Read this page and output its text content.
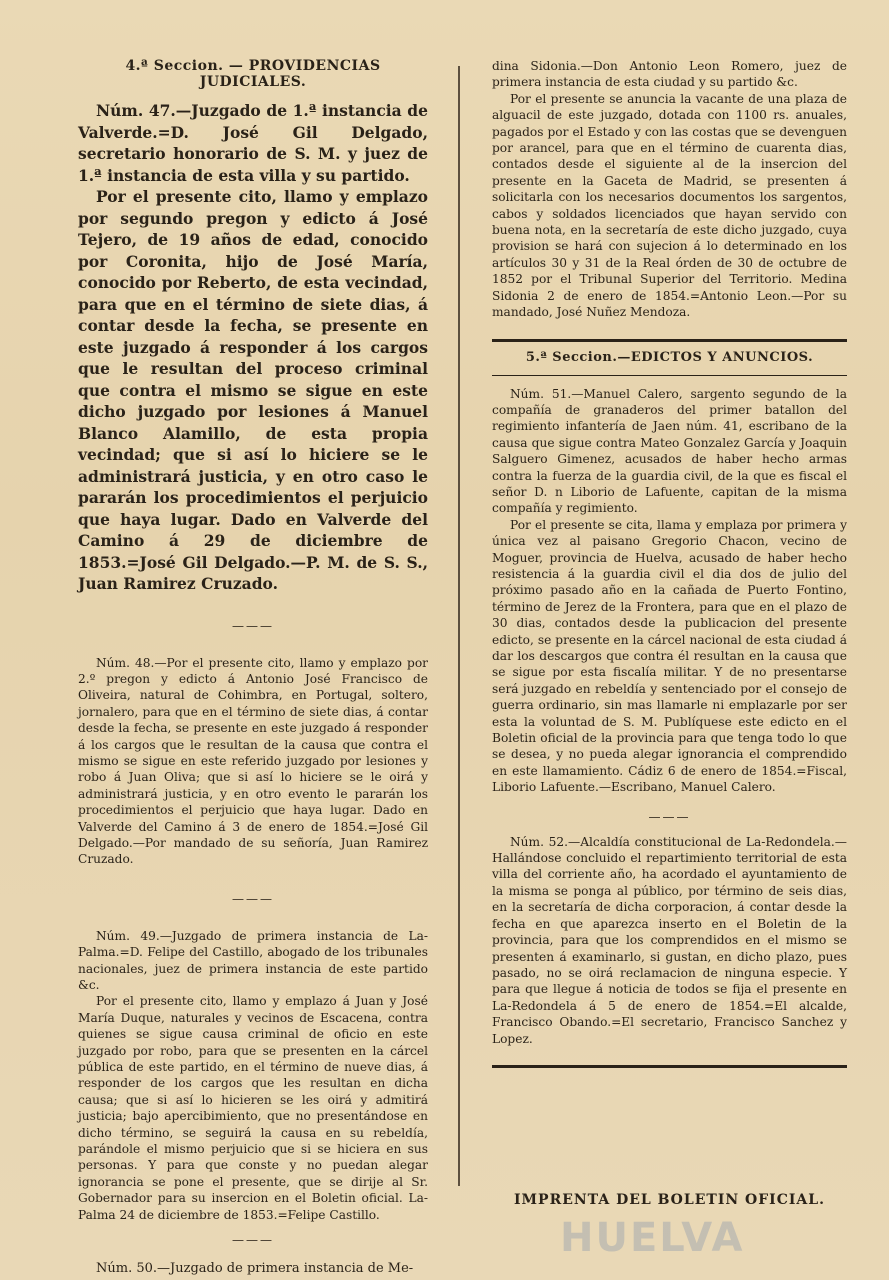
4.ª Seccion. — PROVIDENCIAS JUDICIALES.

Núm. 47.—Juzgado de 1.ª instancia de Valverde.=D. José Gil Delgado, secretario honorario de S. M. y juez de 1.ª instancia de esta villa y su partido.

Por el presente cito, llamo y emplazo por segundo pregon y edicto á José Tejero, de 19 años de edad, conocido por Coronita, hijo de José María, conocido por Reberto, de esta vecindad, para que en el término de siete dias, á contar desde la fecha, se presente en este juzgado á responder á los cargos que le resultan del proceso criminal que contra el mismo se sigue en este dicho juzgado por lesiones á Manuel Blanco Alamillo, de esta propia vecindad; que si así lo hiciere se le administrará justicia, y en otro caso le pararán los procedimientos el perjuicio que haya lugar. Dado en Valverde del Camino á 29 de diciembre de 1853.=José Gil Delgado.—P. M. de S. S., Juan Ramirez Cruzado.

———

Núm. 48.—Por el presente cito, llamo y emplazo por 2.º pregon y edicto á Antonio José Francisco de Oliveira, natural de Cohimbra, en Portugal, soltero, jornalero, para que en el término de siete dias, á contar desde la fecha, se presente en este juzgado á responder á los cargos que le resultan de la causa que contra el mismo se sigue en este referido juzgado por lesiones y robo á Juan Oliva; que si así lo hiciere se le oirá y administrará justicia, y en otro evento le pararán los procedimientos el perjuicio que haya lugar. Dado en Valverde del Camino á 3 de enero de 1854.=José Gil Delgado.—Por mandado de su señoría, Juan Ramirez Cruzado.

———

Núm. 49.—Juzgado de primera instancia de La-Palma.=D. Felipe del Castillo, abogado de los tribunales nacionales, juez de primera instancia de este partido &c.

Por el presente cito, llamo y emplazo á Juan y José María Duque, naturales y vecinos de Escacena, contra quienes se sigue causa criminal de oficio en este juzgado por robo, para que se presenten en la cárcel pública de este partido, en el término de nueve dias, á responder de los cargos que les resultan en dicha causa; que si así lo hicieren se les oirá y admitirá justicia; bajo apercibimiento, que no presentándose en dicho término, se seguirá la causa en su rebeldía, parándole el mismo perjuicio que si se hiciera en sus personas. Y para que conste y no puedan alegar ignorancia se pone el presente, que se dirije al Sr. Gobernador para su insercion en el Boletin oficial. La-Palma 24 de diciembre de 1853.=Felipe Castillo.

———

Núm. 50.—Juzgado de primera instancia de Me-

dina Sidonia.—Don Antonio Leon Romero, juez de primera instancia de esta ciudad y su partido &c.

Por el presente se anuncia la vacante de una plaza de alguacil de este juzgado, dotada con 1100 rs. anuales, pagados por el Estado y con las costas que se devenguen por arancel, para que en el término de cuarenta dias, contados desde el siguiente al de la insercion del presente en la Gaceta de Madrid, se presenten á solicitarla con los necesarios documentos los sargentos, cabos y soldados licenciados que hayan servido con buena nota, en la secretaría de este dicho juzgado, cuya provision se hará con sujecion á lo determinado en los artículos 30 y 31 de la Real órden de 30 de octubre de 1852 por el Tribunal Superior del Territorio. Medina Sidonia 2 de enero de 1854.=Antonio Leon.—Por su mandado, José Nuñez Mendoza.

5.ª Seccion.—EDICTOS Y ANUNCIOS.

Núm. 51.—Manuel Calero, sargento segundo de la compañía de granaderos del primer batallon del regimiento infantería de Jaen núm. 41, escribano de la causa que sigue contra Mateo Gonzalez García y Joaquin Salguero Gimenez, acusados de haber hecho armas contra la fuerza de la guardia civil, de la que es fiscal el señor D. n Liborio de Lafuente, capitan de la misma compañía y regimiento.

Por el presente se cita, llama y emplaza por primera y única vez al paisano Gregorio Chacon, vecino de Moguer, provincia de Huelva, acusado de haber hecho resistencia á la guardia civil el dia dos de julio del próximo pasado año en la cañada de Puerto Fontino, término de Jerez de la Frontera, para que en el plazo de 30 dias, contados desde la publicacion del presente edicto, se presente en la cárcel nacional de esta ciudad á dar los descargos que contra él resultan en la causa que se sigue por esta fiscalía militar. Y de no presentarse será juzgado en rebeldía y sentenciado por el consejo de guerra ordinario, sin mas llamarle ni emplazarle por ser esta la voluntad de S. M. Publíquese este edicto en el Boletin oficial de la provincia para que tenga todo lo que se desea, y no pueda alegar ignorancia el comprendido en este llamamiento. Cádiz 6 de enero de 1854.=Fiscal, Liborio Lafuente.—Escribano, Manuel Calero.

———

Núm. 52.—Alcaldía constitucional de La-Redondela.—Hallándose concluido el repartimiento territorial de esta villa del corriente año, ha acordado el ayuntamiento de la misma se ponga al público, por término de seis dias, en la secretaría de dicha corporacion, á contar desde la fecha en que aparezca inserto en el Boletin de la provincia, para que los comprendidos en el mismo se presenten á examinarlo, si gustan, en dicho plazo, pues pasado, no se oirá reclamacion de ninguna especie. Y para que llegue á noticia de todos se fija el presente en La-Redondela á 5 de enero de 1854.=El alcalde, Francisco Obando.=El secretario, Francisco Sanchez y Lopez.

IMPRENTA DEL BOLETIN OFICIAL.
HUELVA
